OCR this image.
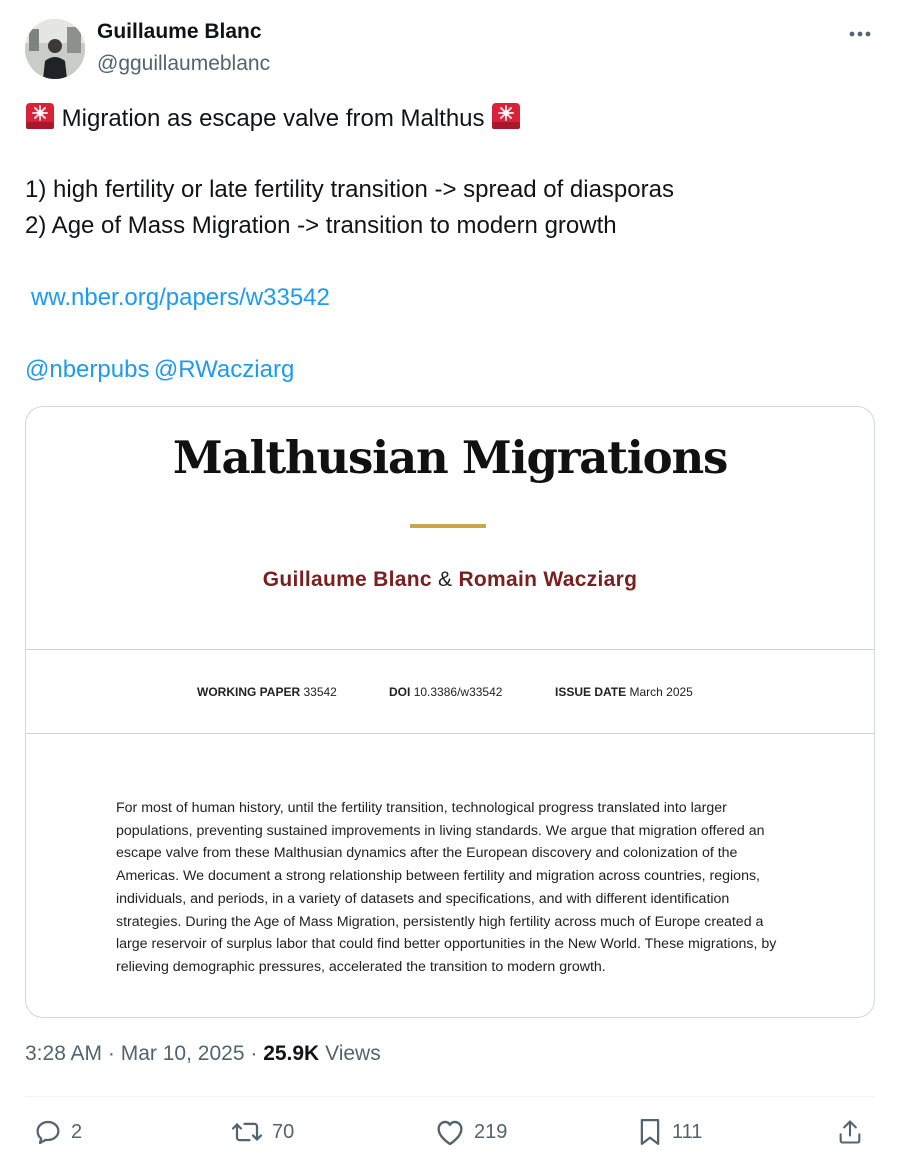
Guillaume Blanc
@gguillaumeblanc
Migration as escape valve from Malthus
1) high fertility or late fertility transition -> spread of diasporas
2) Age of Mass Migration -> transition to modern growth
ww.nber.org/papers/w33542
@nberpubs @RWacziarg
Malthusian Migrations
Guillaume Blanc & Romain Wacziarg
WORKING PAPER 33542	DOI 10.3386/w33542	ISSUE DATE March 2025
For most of human history, until the fertility transition, technological progress translated into larger populations, preventing sustained improvements in living standards. We argue that migration offered an escape valve from these Malthusian dynamics after the European discovery and colonization of the Americas. We document a strong relationship between fertility and migration across countries, regions, individuals, and periods, in a variety of datasets and specifications, and with different identification strategies. During the Age of Mass Migration, persistently high fertility across much of Europe created a large reservoir of surplus labor that could find better opportunities in the New World. These migrations, by relieving demographic pressures, accelerated the transition to modern growth.
3:28 AM · Mar 10, 2025 · 25.9K Views
2	70	219	111
